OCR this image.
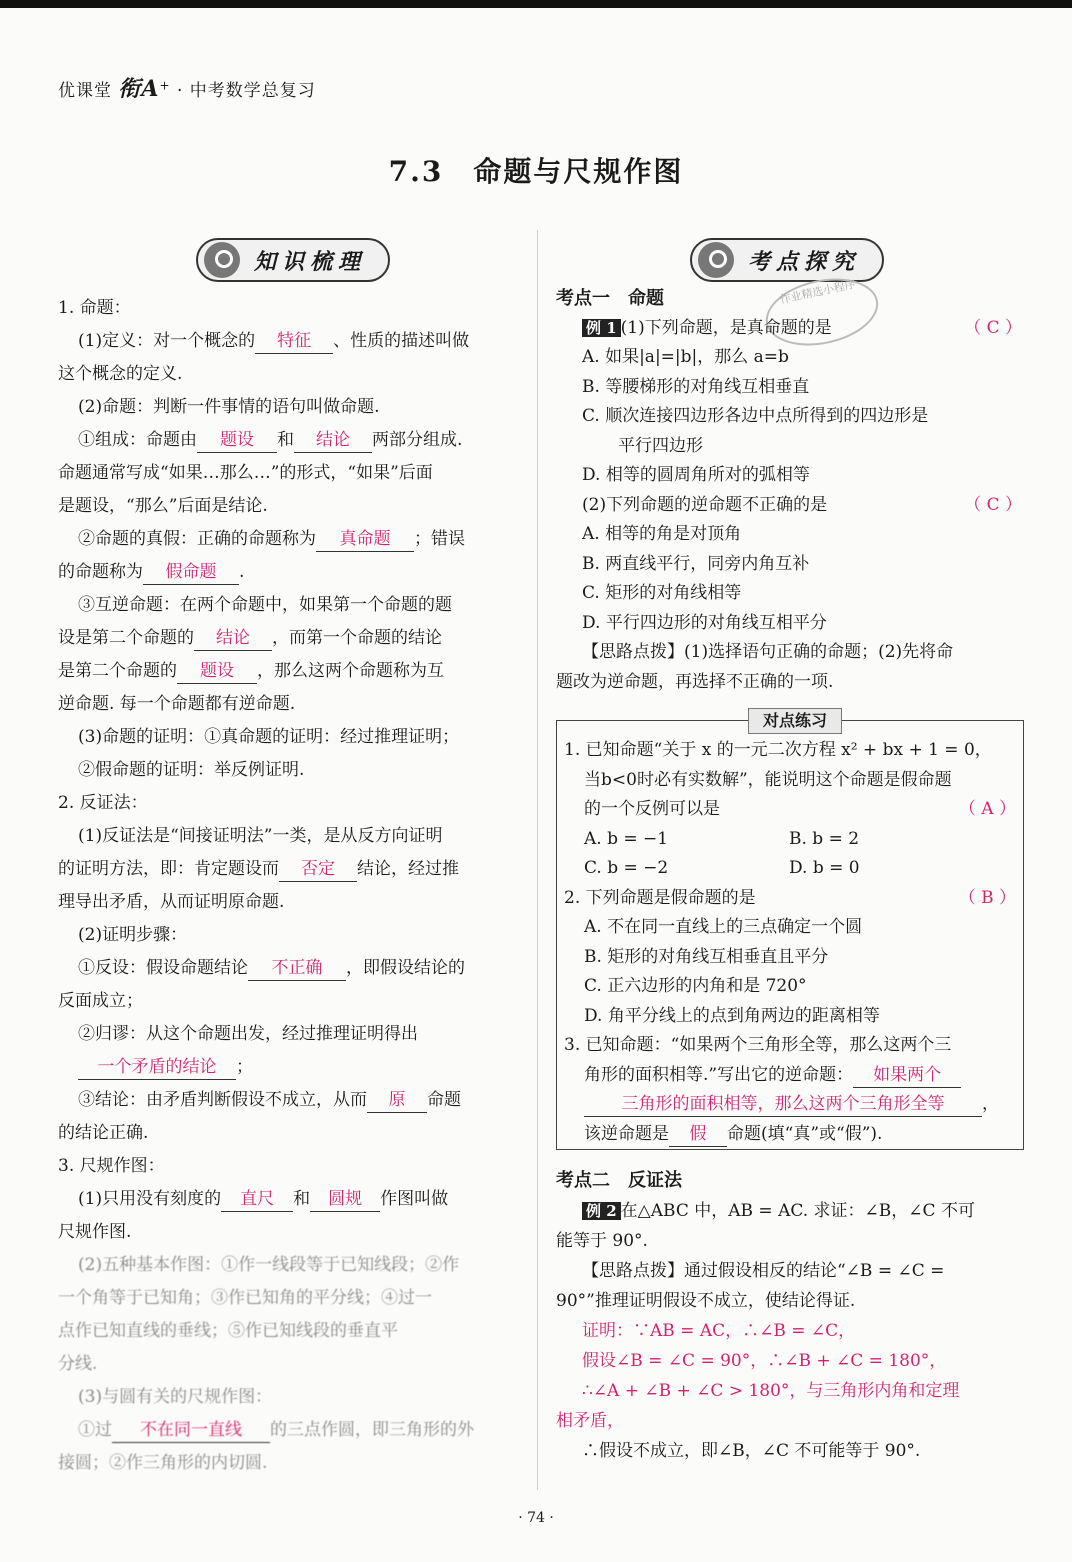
优课堂 衔A+ · 中考数学总复习
7.3　命题与尺规作图
知识梳理	考点探究
作业精选小程序

1. 命题：

(1)定义：对一个概念的 特征 、性质的描述叫做

这个概念的定义.

(2)命题：判断一件事情的语句叫做命题.

①组成：命题由 题设 和 结论 两部分组成.

命题通常写成“如果…那么…”的形式，“如果”后面

是题设，“那么”后面是结论.

②命题的真假：正确的命题称为 真命题 ；错误

的命题称为 假命题 .

③互逆命题：在两个命题中，如果第一个命题的题

设是第二个命题的 结论 ，而第一个命题的结论

是第二个命题的 题设 ，那么这两个命题称为互

逆命题. 每一个命题都有逆命题.

(3)命题的证明：①真命题的证明：经过推理证明；

②假命题的证明：举反例证明.

2. 反证法：

(1)反证法是“间接证明法”一类，是从反方向证明

的证明方法，即：肯定题设而 否定 结论，经过推

理导出矛盾，从而证明原命题.

(2)证明步骤：

①反设：假设命题结论 不正确 ，即假设结论的

反面成立；

②归谬：从这个命题出发，经过推理证明得出

一个矛盾的结论 ；

③结论：由矛盾判断假设不成立，从而 原 命题

的结论正确.

3. 尺规作图：

(1)只用没有刻度的 直尺 和 圆规 作图叫做

尺规作图.

(2)五种基本作图：①作一线段等于已知线段；②作

一个角等于已知角；③作已知角的平分线；④过一

点作已知直线的垂线；⑤作已知线段的垂直平

分线.

(3)与圆有关的尺规作图：

①过 不在同一直线 的三点作圆，即三角形的外

接圆；②作三角形的内切圆.

考点一　命题

例 1 (1)下列命题，是真命题的是	（ C ）

A. 如果|a|=|b|，那么 a=b

B. 等腰梯形的对角线互相垂直

C. 顺次连接四边形各边中点所得到的四边形是

平行四边形

D. 相等的圆周角所对的弧相等

(2)下列命题的逆命题不正确的是	（ C ）

A. 相等的角是对顶角

B. 两直线平行，同旁内角互补

C. 矩形的对角线相等

D. 平行四边形的对角线互相平分

【思路点拨】(1)选择语句正确的命题；(2)先将命

题改为逆命题，再选择不正确的一项.

对点练习

1. 已知命题“关于 x 的一元二次方程 x² + bx + 1 = 0，

当b<0时必有实数解”，能说明这个命题是假命题

的一个反例可以是	（ A ）

A. b = −1	B. b = 2

C. b = −2	D. b = 0

2. 下列命题是假命题的是	（ B ）

A. 不在同一直线上的三点确定一个圆

B. 矩形的对角线互相垂直且平分

C. 正六边形的内角和是 720°

D. 角平分线上的点到角两边的距离相等

3. 已知命题：“如果两个三角形全等，那么这两个三

角形的面积相等.”写出它的逆命题： 如果两个

三角形的面积相等，那么这两个三角形全等 ，

该逆命题是 假 命题(填“真”或“假”).

考点二　反证法

例 2 在△ABC 中，AB = AC. 求证：∠B，∠C 不可

能等于 90°.

【思路点拨】通过假设相反的结论“∠B = ∠C =

90°”推理证明假设不成立，使结论得证.

证明：∵AB = AC，∴∠B = ∠C，

假设∠B = ∠C = 90°，∴∠B + ∠C = 180°，

∴∠A + ∠B + ∠C > 180°，与三角形内角和定理

相矛盾，

∴假设不成立，即∠B，∠C 不可能等于 90°.

· 74 ·
